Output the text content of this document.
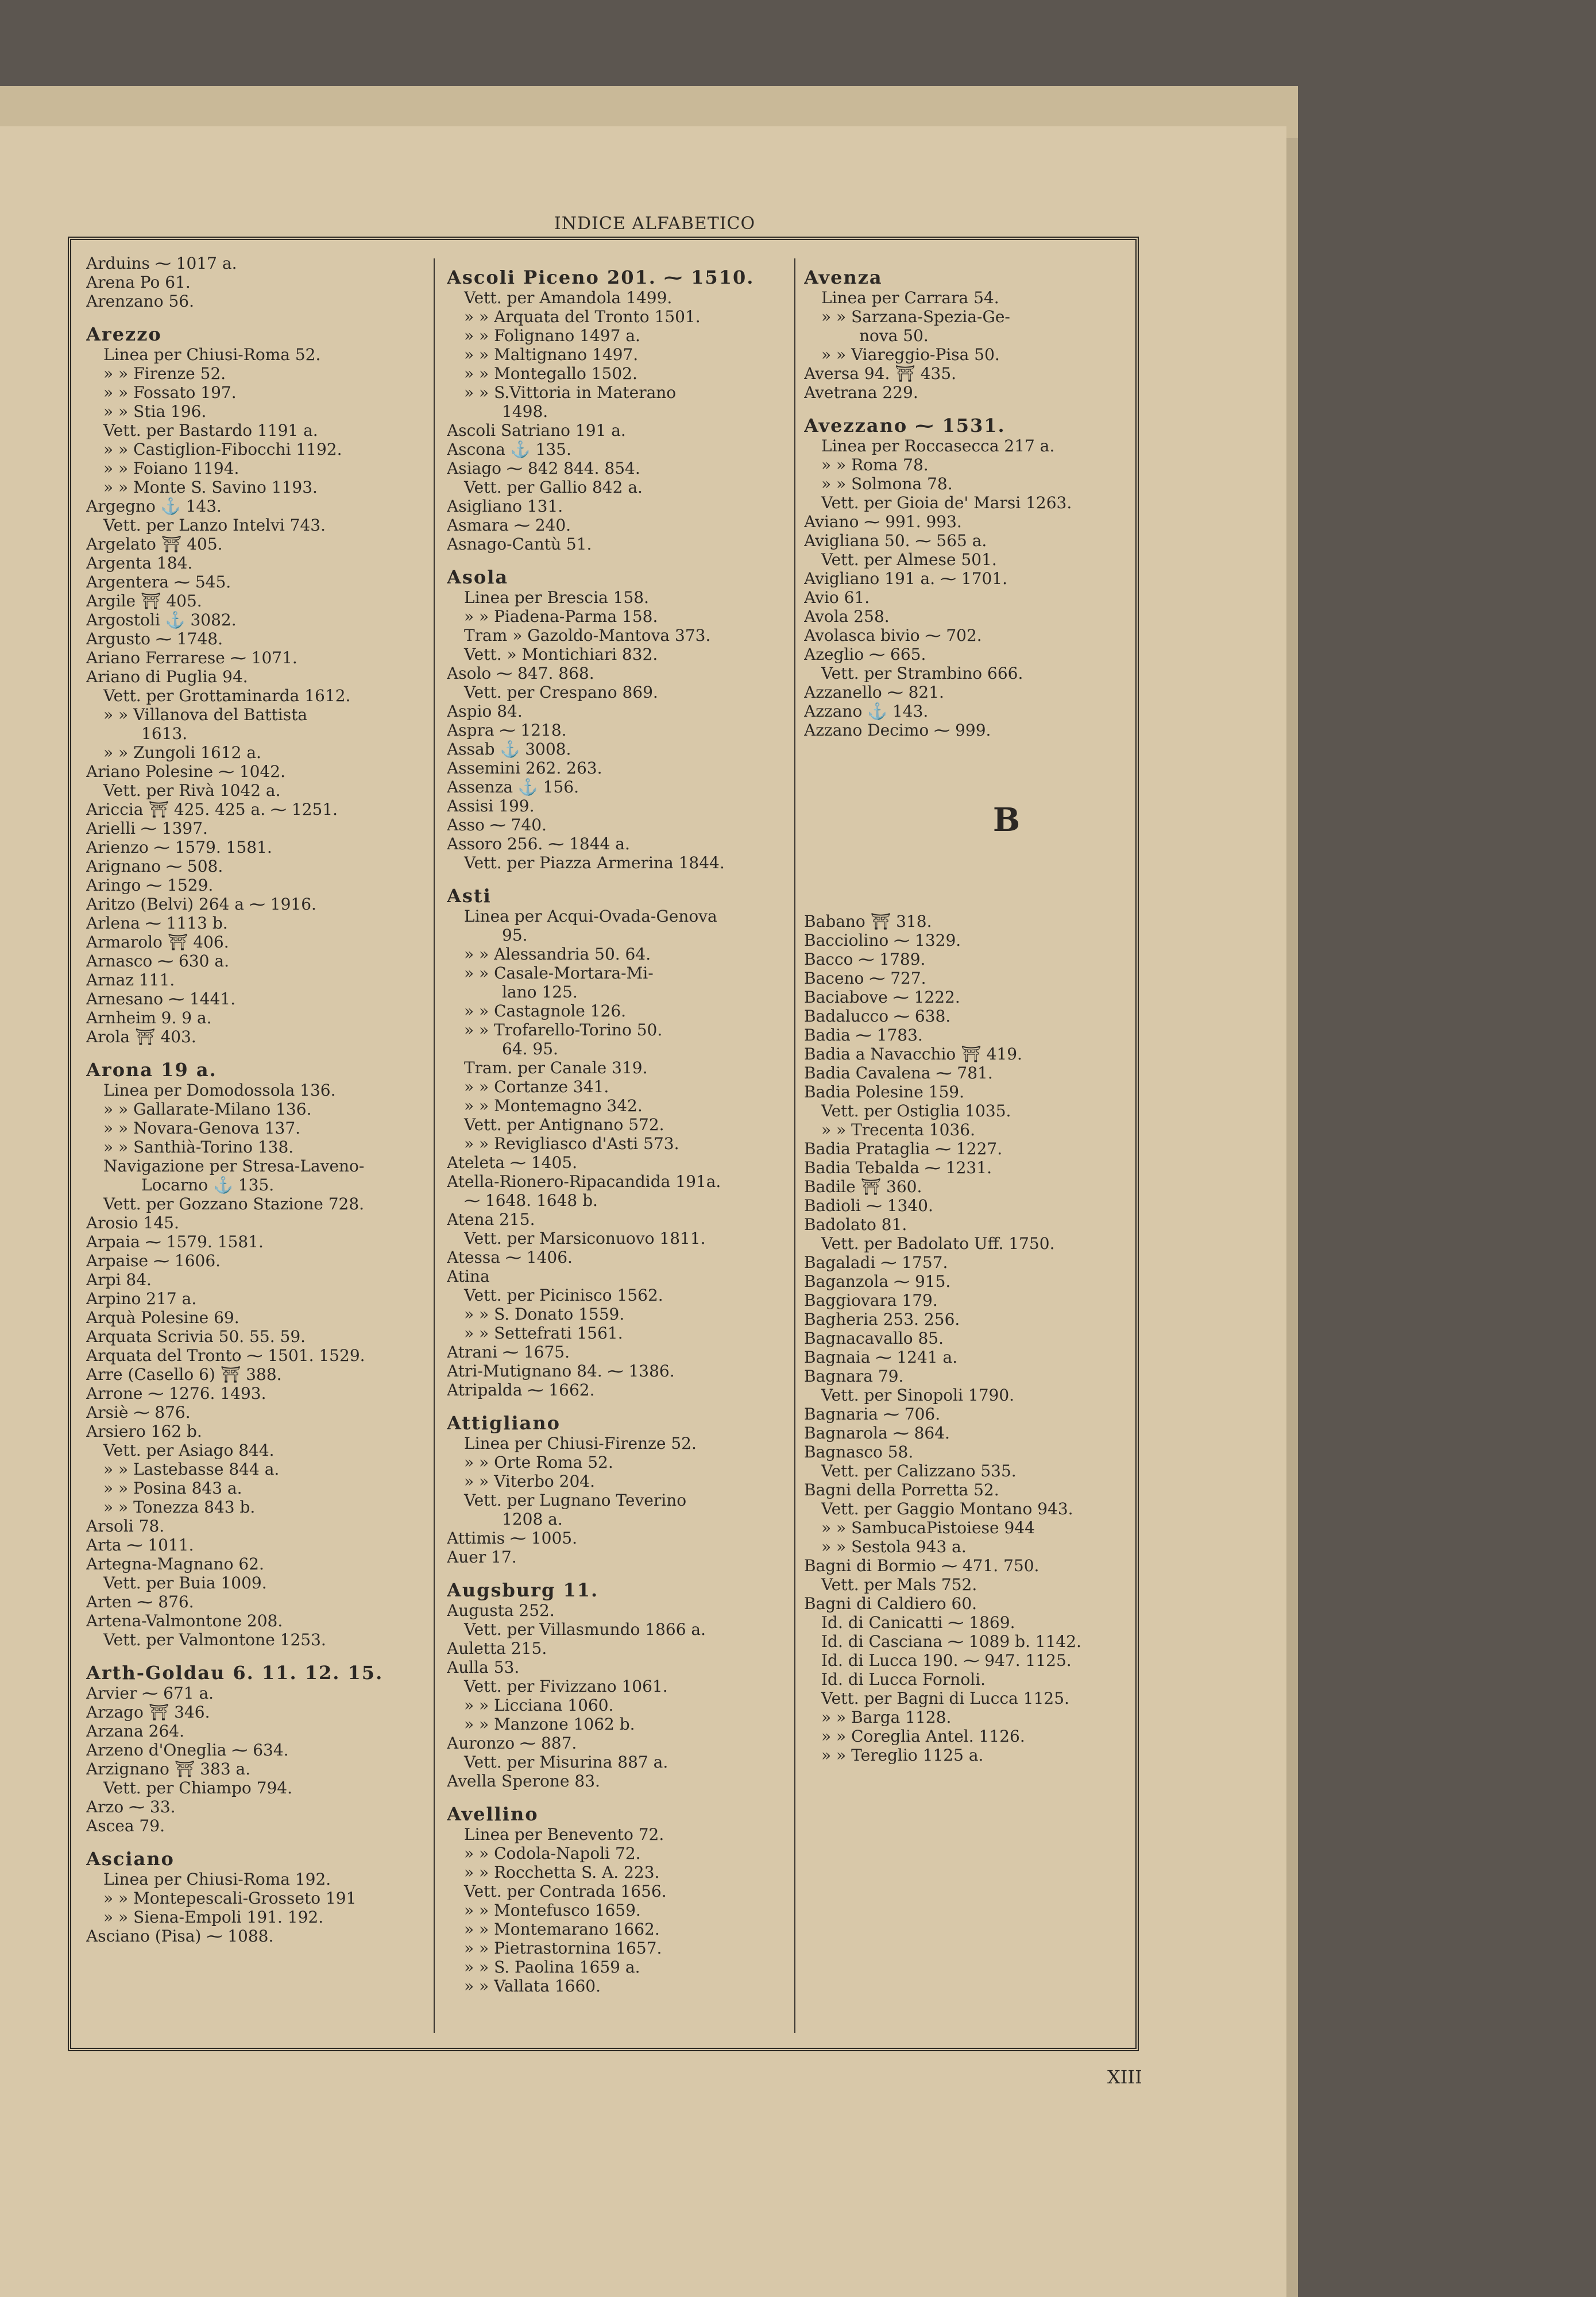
INDICE ALFABETICO
Arduins ⁓ 1017 a.
Arena Po 61.
Arenzano 56.
Arezzo
Linea per Chiusi-Roma 52.
» » Firenze 52.
» » Fossato 197.
» » Stia 196.
Vett. per Bastardo 1191 a.
» » Castiglion-Fibocchi 1192.
» » Foiano 1194.
» » Monte S. Savino 1193.
Argegno ⚓ 143.
Vett. per Lanzo Intelvi 743.
Argelato ⛩ 405.
Argenta 184.
Argentera ⁓ 545.
Argile ⛩ 405.
Argostoli ⚓ 3082.
Argusto ⁓ 1748.
Ariano Ferrarese ⁓ 1071.
Ariano di Puglia 94.
Vett. per Grottaminarda 1612.
» » Villanova del Battista
1613.
» » Zungoli 1612 a.
Ariano Polesine ⁓ 1042.
Vett. per Rivà 1042 a.
Ariccia ⛩ 425. 425 a. ⁓ 1251.
Arielli ⁓ 1397.
Arienzo ⁓ 1579. 1581.
Arignano ⁓ 508.
Aringo ⁓ 1529.
Aritzo (Belvi) 264 a ⁓ 1916.
Arlena ⁓ 1113 b.
Armarolo ⛩ 406.
Arnasco ⁓ 630 a.
Arnaz 111.
Arnesano ⁓ 1441.
Arnheim 9. 9 a.
Arola ⛩ 403.
Arona 19 a.
Linea per Domodossola 136.
» » Gallarate-Milano 136.
» » Novara-Genova 137.
» » Santhià-Torino 138.
Navigazione per Stresa-Laveno-
Locarno ⚓ 135.
Vett. per Gozzano Stazione 728.
Arosio 145.
Arpaia ⁓ 1579. 1581.
Arpaise ⁓ 1606.
Arpi 84.
Arpino 217 a.
Arquà Polesine 69.
Arquata Scrivia 50. 55. 59.
Arquata del Tronto ⁓ 1501. 1529.
Arre (Casello 6) ⛩ 388.
Arrone ⁓ 1276. 1493.
Arsiè ⁓ 876.
Arsiero 162 b.
Vett. per Asiago 844.
» » Lastebasse 844 a.
» » Posina 843 a.
» » Tonezza 843 b.
Arsoli 78.
Arta ⁓ 1011.
Artegna-Magnano 62.
Vett. per Buia 1009.
Arten ⁓ 876.
Artena-Valmontone 208.
Vett. per Valmontone 1253.
Arth-Goldau 6. 11. 12. 15.
Arvier ⁓ 671 a.
Arzago ⛩ 346.
Arzana 264.
Arzeno d'Oneglia ⁓ 634.
Arzignano ⛩ 383 a.
Vett. per Chiampo 794.
Arzo ⁓ 33.
Ascea 79.
Asciano
Linea per Chiusi-Roma 192.
» » Montepescali-Grosseto 191
» » Siena-Empoli 191. 192.
Asciano (Pisa) ⁓ 1088.
Ascoli Piceno 201. ⁓ 1510.
Vett. per Amandola 1499.
» » Arquata del Tronto 1501.
» » Folignano 1497 a.
» » Maltignano 1497.
» » Montegallo 1502.
» » S.Vittoria in Materano
1498.
Ascoli Satriano 191 a.
Ascona ⚓ 135.
Asiago ⁓ 842 844. 854.
Vett. per Gallio 842 a.
Asigliano 131.
Asmara ⁓ 240.
Asnago-Cantù 51.
Asola
Linea per Brescia 158.
» » Piadena-Parma 158.
Tram » Gazoldo-Mantova 373.
Vett. » Montichiari 832.
Asolo ⁓ 847. 868.
Vett. per Crespano 869.
Aspio 84.
Aspra ⁓ 1218.
Assab ⚓ 3008.
Assemini 262. 263.
Assenza ⚓ 156.
Assisi 199.
Asso ⁓ 740.
Assoro 256. ⁓ 1844 a.
Vett. per Piazza Armerina 1844.
Asti
Linea per Acqui-Ovada-Genova
95.
» » Alessandria 50. 64.
» » Casale-Mortara-Mi-
lano 125.
» » Castagnole 126.
» » Trofarello-Torino 50.
64. 95.
Tram. per Canale 319.
» » Cortanze 341.
» » Montemagno 342.
Vett. per Antignano 572.
» » Revigliasco d'Asti 573.
Ateleta ⁓ 1405.
Atella-Rionero-Ripacandida 191a.
⁓ 1648. 1648 b.
Atena 215.
Vett. per Marsiconuovo 1811.
Atessa ⁓ 1406.
Atina
Vett. per Picinisco 1562.
» » S. Donato 1559.
» » Settefrati 1561.
Atrani ⁓ 1675.
Atri-Mutignano 84. ⁓ 1386.
Atripalda ⁓ 1662.
Attigliano
Linea per Chiusi-Firenze 52.
» » Orte Roma 52.
» » Viterbo 204.
Vett. per Lugnano Teverino
1208 a.
Attimis ⁓ 1005.
Auer 17.
Augsburg 11.
Augusta 252.
Vett. per Villasmundo 1866 a.
Auletta 215.
Aulla 53.
Vett. per Fivizzano 1061.
» » Licciana 1060.
» » Manzone 1062 b.
Auronzo ⁓ 887.
Vett. per Misurina 887 a.
Avella Sperone 83.
Avellino
Linea per Benevento 72.
» » Codola-Napoli 72.
» » Rocchetta S. A. 223.
Vett. per Contrada 1656.
» » Montefusco 1659.
» » Montemarano 1662.
» » Pietrastornina 1657.
» » S. Paolina 1659 a.
» » Vallata 1660.
Avenza
Linea per Carrara 54.
» » Sarzana-Spezia-Ge-
nova 50.
» » Viareggio-Pisa 50.
Aversa 94. ⛩ 435.
Avetrana 229.
Avezzano ⁓ 1531.
Linea per Roccasecca 217 a.
» » Roma 78.
» » Solmona 78.
Vett. per Gioia de' Marsi 1263.
Aviano ⁓ 991. 993.
Avigliana 50. ⁓ 565 a.
Vett. per Almese 501.
Avigliano 191 a. ⁓ 1701.
Avio 61.
Avola 258.
Avolasca bivio ⁓ 702.
Azeglio ⁓ 665.
Vett. per Strambino 666.
Azzanello ⁓ 821.
Azzano ⚓ 143.
Azzano Decimo ⁓ 999.
B
Babano ⛩ 318.
Bacciolino ⁓ 1329.
Bacco ⁓ 1789.
Baceno ⁓ 727.
Baciabove ⁓ 1222.
Badalucco ⁓ 638.
Badia ⁓ 1783.
Badia a Navacchio ⛩ 419.
Badia Cavalena ⁓ 781.
Badia Polesine 159.
Vett. per Ostiglia 1035.
» » Trecenta 1036.
Badia Prataglia ⁓ 1227.
Badia Tebalda ⁓ 1231.
Badile ⛩ 360.
Badioli ⁓ 1340.
Badolato 81.
Vett. per Badolato Uff. 1750.
Bagaladi ⁓ 1757.
Baganzola ⁓ 915.
Baggiovara 179.
Bagheria 253. 256.
Bagnacavallo 85.
Bagnaia ⁓ 1241 a.
Bagnara 79.
Vett. per Sinopoli 1790.
Bagnaria ⁓ 706.
Bagnarola ⁓ 864.
Bagnasco 58.
Vett. per Calizzano 535.
Bagni della Porretta 52.
Vett. per Gaggio Montano 943.
» » SambucaPistoiese 944
» » Sestola 943 a.
Bagni di Bormio ⁓ 471. 750.
Vett. per Mals 752.
Bagni di Caldiero 60.
Id. di Canicatti ⁓ 1869.
Id. di Casciana ⁓ 1089 b. 1142.
Id. di Lucca 190. ⁓ 947. 1125.
Id. di Lucca Fornoli.
Vett. per Bagni di Lucca 1125.
» » Barga 1128.
» » Coreglia Antel. 1126.
» » Tereglio 1125 a.
XIII
